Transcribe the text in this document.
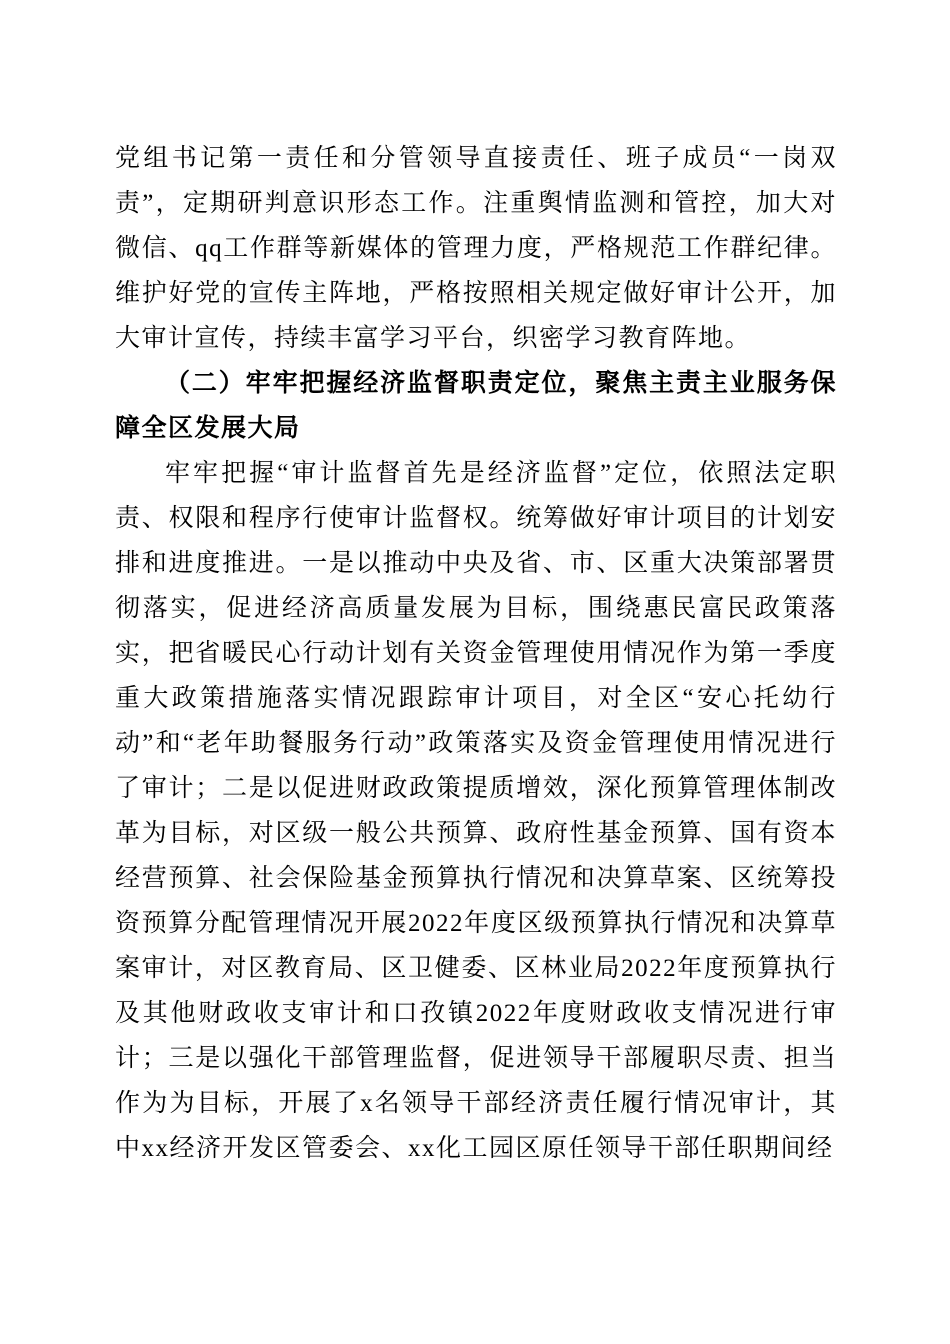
党组书记第一责任和分管领导直接责任、班子成员“一岗双责”，定期研判意识形态工作。注重舆情监测和管控，加大对微信、qq工作群等新媒体的管理力度，严格规范工作群纪律。维护好党的宣传主阵地，严格按照相关规定做好审计公开，加大审计宣传，持续丰富学习平台，织密学习教育阵地。

（二）牢牢把握经济监督职责定位，聚焦主责主业服务保障全区发展大局

牢牢把握“审计监督首先是经济监督”定位，依照法定职责、权限和程序行使审计监督权。统筹做好审计项目的计划安排和进度推进。一是以推动中央及省、市、区重大决策部署贯彻落实，促进经济高质量发展为目标，围绕惠民富民政策落实，把省暖民心行动计划有关资金管理使用情况作为第一季度重大政策措施落实情况跟踪审计项目，对全区“安心托幼行动”和“老年助餐服务行动”政策落实及资金管理使用情况进行了审计；二是以促进财政政策提质增效，深化预算管理体制改革为目标，对区级一般公共预算、政府性基金预算、国有资本经营预算、社会保险基金预算执行情况和决算草案、区统筹投资预算分配管理情况开展2022年度区级预算执行情况和决算草案审计，对区教育局、区卫健委、区林业局2022年度预算执行及其他财政收支审计和口孜镇2022年度财政收支情况进行审计；三是以强化干部管理监督，促进领导干部履职尽责、担当作为为目标，开展了x名领导干部经济责任履行情况审计，其中xx经济开发区管委会、xx化工园区原任领导干部任职期间经
